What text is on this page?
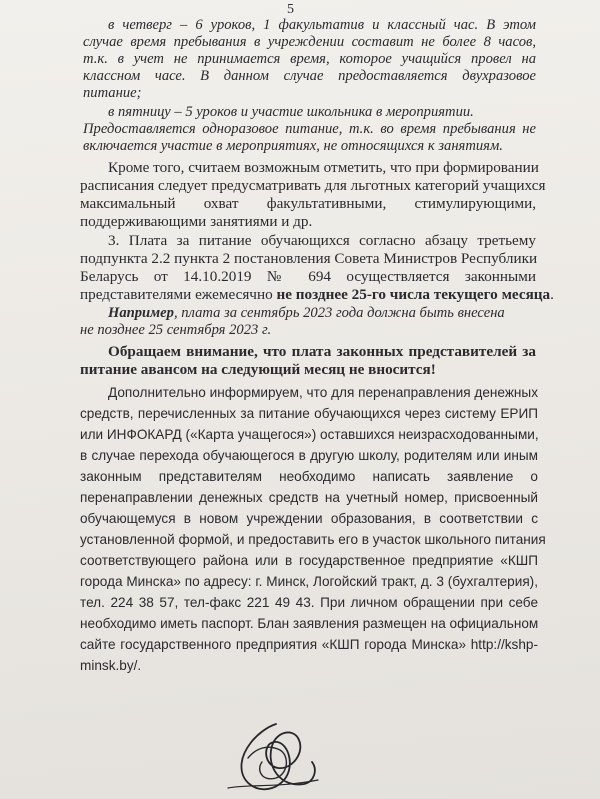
5
в четверг – 6 уроков, 1 факультатив и классный час. В этом
случае время пребывания в учреждении составит не более 8 часов,
т.к. в учет не принимается время, которое учащийся провел на
классном часе. В данном случае предоставляется двухразовое
питание;
в пятницу – 5 уроков и участие школьника в мероприятии.
Предоставляется одноразовое питание, т.к. во время пребывания не
включается участие в мероприятиях, не относящихся к занятиям.
Кроме того, считаем возможным отметить, что при формировании
расписания следует предусматривать для льготных категорий учащихся
максимальный охват факультативными, стимулирующими,
поддерживающими занятиями и др.
3. Плата за питание обучающихся согласно абзацу третьему
подпункта 2.2 пункта 2 постановления Совета Министров Республики
Беларусь от 14.10.2019 № 694 осуществляется законными
представителями ежемесячно не позднее 25-го числа текущего месяца.
Например, плата за сентябрь 2023 года должна быть внесена
не позднее 25 сентября 2023 г.
Обращаем внимание, что плата законных представителей за
питание авансом на следующий месяц не вносится!
Дополнительно информируем, что для перенаправления денежных
средств, перечисленных за питание обучающихся через систему ЕРИП
или ИНФОКАРД («Карта учащегося») оставшихся неизрасходованными,
в случае перехода обучающегося в другую школу, родителям или иным
законным представителям необходимо написать заявление о
перенаправлении денежных средств на учетный номер, присвоенный
обучающемуся в новом учреждении образования, в соответствии с
установленной формой, и предоставить его в участок школьного питания
соответствующего района или в государственное предприятие «КШП
города Минска» по адресу: г. Минск, Логойский тракт, д. 3 (бухгалтерия),
тел. 224 38 57, тел-факс 221 49 43. При личном обращении при себе
необходимо иметь паспорт. Блан заявления размещен на официальном
сайте государственного предприятия «КШП города Минска» http://kshp-
minsk.by/.
